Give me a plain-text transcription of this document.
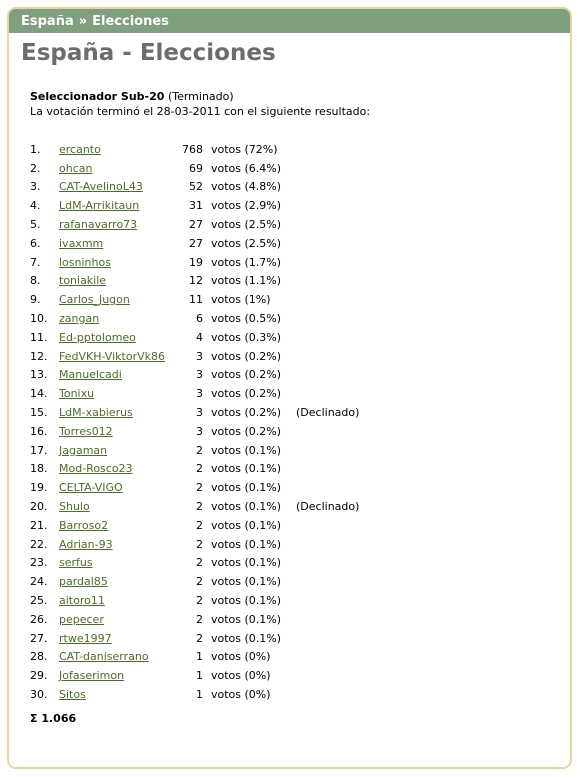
España » Elecciones
España - Elecciones
Seleccionador Sub-20 (Terminado)
La votación terminó el 28-03-2011 con el siguiente resultado:
1.	ercanto	768	votos (72%)	
2.	ohcan	69	votos (6.4%)	
3.	CAT-AvelinoL43	52	votos (4.8%)	
4.	LdM-Arrikitaun	31	votos (2.9%)	
5.	rafanavarro73	27	votos (2.5%)	
6.	ivaxmm	27	votos (2.5%)	
7.	losninhos	19	votos (1.7%)	
8.	toniakile	12	votos (1.1%)	
9.	Carlos_Jugon	11	votos (1%)	
10.	zangan	6	votos (0.5%)	
11.	Ed-pptolomeo	4	votos (0.3%)	
12.	FedVKH-ViktorVk86	3	votos (0.2%)	
13.	Manuelcadi	3	votos (0.2%)	
14.	Tonixu	3	votos (0.2%)	
15.	LdM-xabierus	3	votos (0.2%)	(Declinado)
16.	Torres012	3	votos (0.2%)	
17.	Jagaman	2	votos (0.1%)	
18.	Mod-Rosco23	2	votos (0.1%)	
19.	CELTA-VIGO	2	votos (0.1%)	
20.	Shulo	2	votos (0.1%)	(Declinado)
21.	Barroso2	2	votos (0.1%)	
22.	Adrian-93	2	votos (0.1%)	
23.	serfus	2	votos (0.1%)	
24.	pardal85	2	votos (0.1%)	
25.	aitoro11	2	votos (0.1%)	
26.	pepecer	2	votos (0.1%)	
27.	rtwe1997	2	votos (0.1%)	
28.	CAT-daniserrano	1	votos (0%)	
29.	Jofaserimon	1	votos (0%)	
30.	Sitos	1	votos (0%)	
Σ 1.066
